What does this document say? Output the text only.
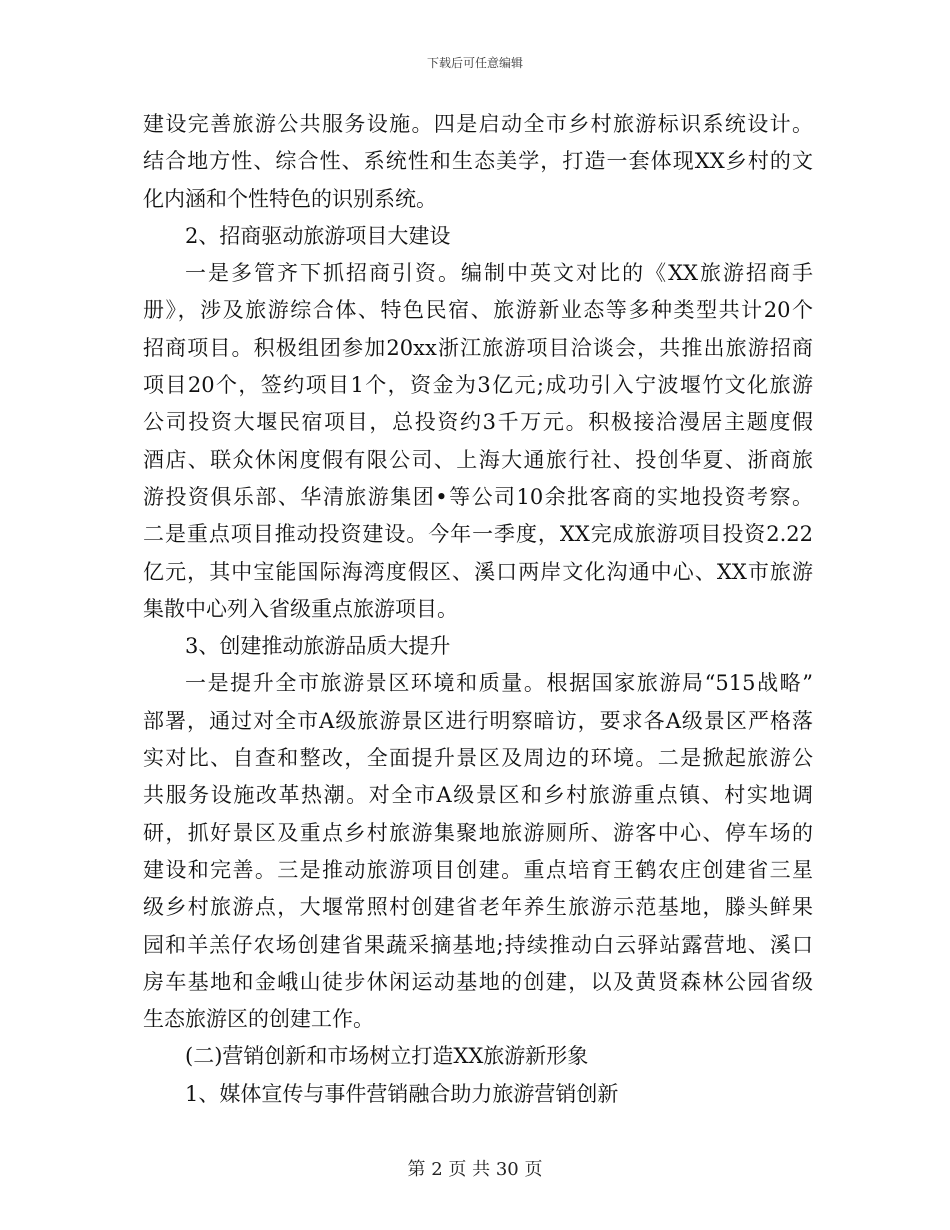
下载后可任意编辑
建设完善旅游公共服务设施。四是启动全市乡村旅游标识系统设计。
结合地方性、综合性、系统性和生态美学，打造一套体现XX乡村的文
化内涵和个性特色的识别系统。
2、招商驱动旅游项目大建设
一是多管齐下抓招商引资。编制中英文对比的《XX旅游招商手
册》，涉及旅游综合体、特色民宿、旅游新业态等多种类型共计20个
招商项目。积极组团参加20xx浙江旅游项目洽谈会，共推出旅游招商
项目20个，签约项目1个，资金为3亿元;成功引入宁波堰竹文化旅游
公司投资大堰民宿项目，总投资约3千万元。积极接洽漫居主题度假
酒店、联众休闲度假有限公司、上海大通旅行社、投创华夏、浙商旅
游投资俱乐部、华清旅游集团•等公司10余批客商的实地投资考察。
二是重点项目推动投资建设。今年一季度，XX完成旅游项目投资2.22
亿元，其中宝能国际海湾度假区、溪口两岸文化沟通中心、XX市旅游
集散中心列入省级重点旅游项目。
3、创建推动旅游品质大提升
一是提升全市旅游景区环境和质量。根据国家旅游局“515战略”
部署，通过对全市A级旅游景区进行明察暗访，要求各A级景区严格落
实对比、自查和整改，全面提升景区及周边的环境。二是掀起旅游公
共服务设施改革热潮。对全市A级景区和乡村旅游重点镇、村实地调
研，抓好景区及重点乡村旅游集聚地旅游厕所、游客中心、停车场的
建设和完善。三是推动旅游项目创建。重点培育王鹤农庄创建省三星
级乡村旅游点，大堰常照村创建省老年养生旅游示范基地，滕头鲜果
园和羊羔仔农场创建省果蔬采摘基地;持续推动白云驿站露营地、溪口
房车基地和金峨山徒步休闲运动基地的创建，以及黄贤森林公园省级
生态旅游区的创建工作。
(二)营销创新和市场树立打造XX旅游新形象
1、媒体宣传与事件营销融合助力旅游营销创新
第 2 页 共 30 页
